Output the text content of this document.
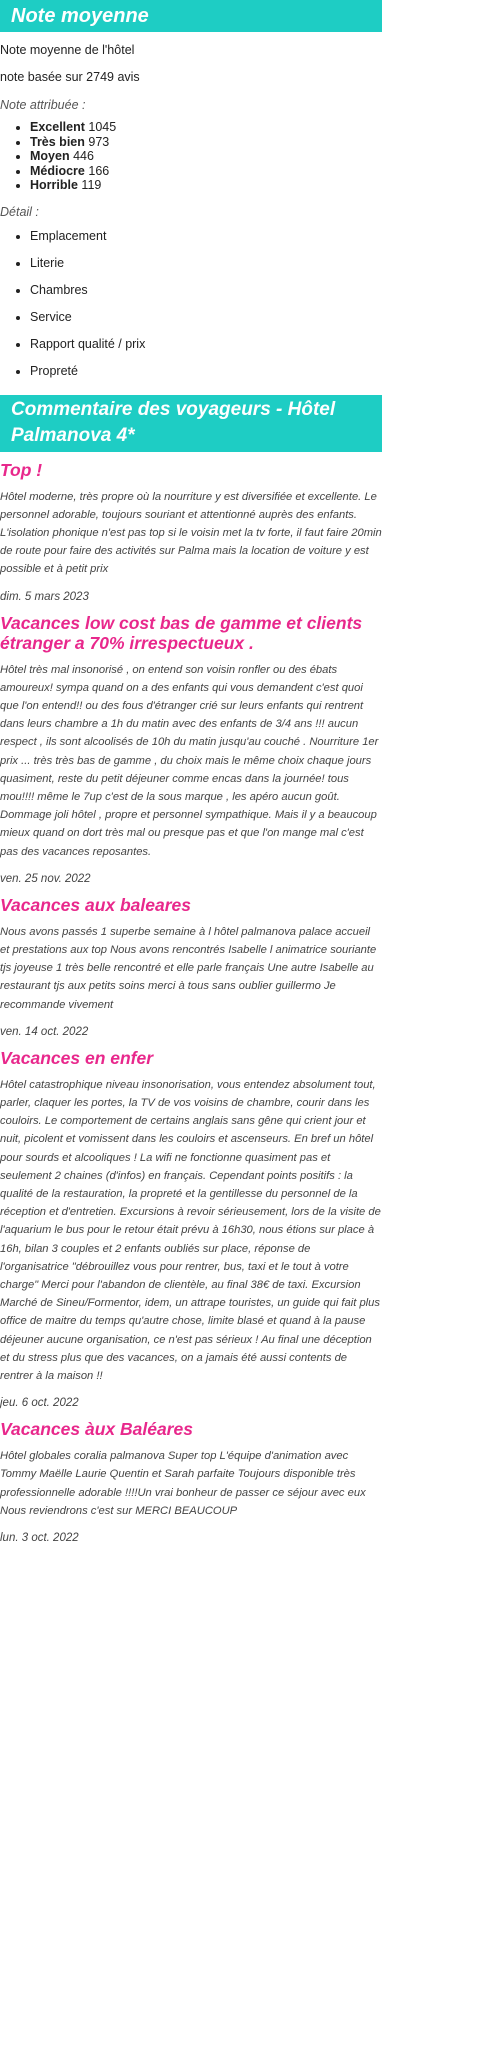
Note moyenne

Note moyenne de l'hôtel

note basée sur 2749 avis

Note attribuée :

• Excellent 1045
• Très bien 973
• Moyen 446
• Médiocre 166
• Horrible 119

Détail :

• Emplacement
• Literie
• Chambres
• Service
• Rapport qualité / prix
• Propreté
Commentaire des voyageurs - Hôtel Palmanova 4*
Top !

Hôtel moderne, très propre où la nourriture y est diversifiée et excellente. Le personnel adorable, toujours souriant et attentionné auprès des enfants. L'isolation phonique n'est pas top si le voisin met la tv forte, il faut faire 20min de route pour faire des activités sur Palma mais la location de voiture y est possible et à petit prix

dim. 5 mars 2023

Vacances low cost bas de gamme et clients étranger a 70% irrespectueux .

Hôtel très mal insonorisé , on entend son voisin ronfler ou des ébats amoureux! sympa quand on a des enfants qui vous demandent c'est quoi que l'on entend!! ou des fous d'étranger crié sur leurs enfants qui rentrent dans leurs chambre a 1h du matin avec des enfants de 3/4 ans !!! aucun respect , ils sont alcoolisés de 10h du matin jusqu'au couché . Nourriture 1er prix ... très très bas de gamme , du choix mais le même choix chaque jours quasiment, reste du petit déjeuner comme encas dans la journée! tous mou!!!! même le 7up c'est de la sous marque , les apéro aucun goût. Dommage joli hôtel , propre et personnel sympathique. Mais il y a beaucoup mieux quand on dort très mal ou presque pas et que l'on mange mal c'est pas des vacances reposantes.

ven. 25 nov. 2022

Vacances aux baleares

Nous avons passés 1 superbe semaine à l hôtel palmanova palace accueil et prestations aux top Nous avons rencontrés Isabelle l animatrice souriante tjs joyeuse 1 très belle rencontré et elle parle français Une autre Isabelle au restaurant tjs aux petits soins merci à tous sans oublier guillermo Je recommande vivement

ven. 14 oct. 2022

Vacances en enfer

Hôtel catastrophique niveau insonorisation, vous entendez absolument tout, parler, claquer les portes, la TV de vos voisins de chambre, courir dans les couloirs. Le comportement de certains anglais sans gêne qui crient jour et nuit, picolent et vomissent dans les couloirs et ascenseurs. En bref un hôtel pour sourds et alcooliques ! La wifi ne fonctionne quasiment pas et seulement 2 chaines (d'infos) en français. Cependant points positifs : la qualité de la restauration, la propreté et la gentillesse du personnel de la réception et d'entretien. Excursions à revoir sérieusement, lors de la visite de l'aquarium le bus pour le retour était prévu à 16h30, nous étions sur place à 16h, bilan 3 couples et 2 enfants oubliés sur place, réponse de l'organisatrice "débrouillez vous pour rentrer, bus, taxi et le tout à votre charge" Merci pour l'abandon de clientèle, au final 38€ de taxi. Excursion Marché de Sineu/Formentor, idem, un attrape touristes, un guide qui fait plus office de maitre du temps qu'autre chose, limite blasé et quand à la pause déjeuner aucune organisation, ce n'est pas sérieux ! Au final une déception et du stress plus que des vacances, on a jamais été aussi contents de rentrer à la maison !!

jeu. 6 oct. 2022

Vacances àux Baléares

Hôtel globales coralia palmanova Super top L'équipe d'animation avec Tommy Maëlle Laurie Quentin et Sarah parfaite Toujours disponible très professionnelle adorable !!!!Un vrai bonheur de passer ce séjour avec eux Nous reviendrons c'est sur MERCI BEAUCOUP

lun. 3 oct. 2022
